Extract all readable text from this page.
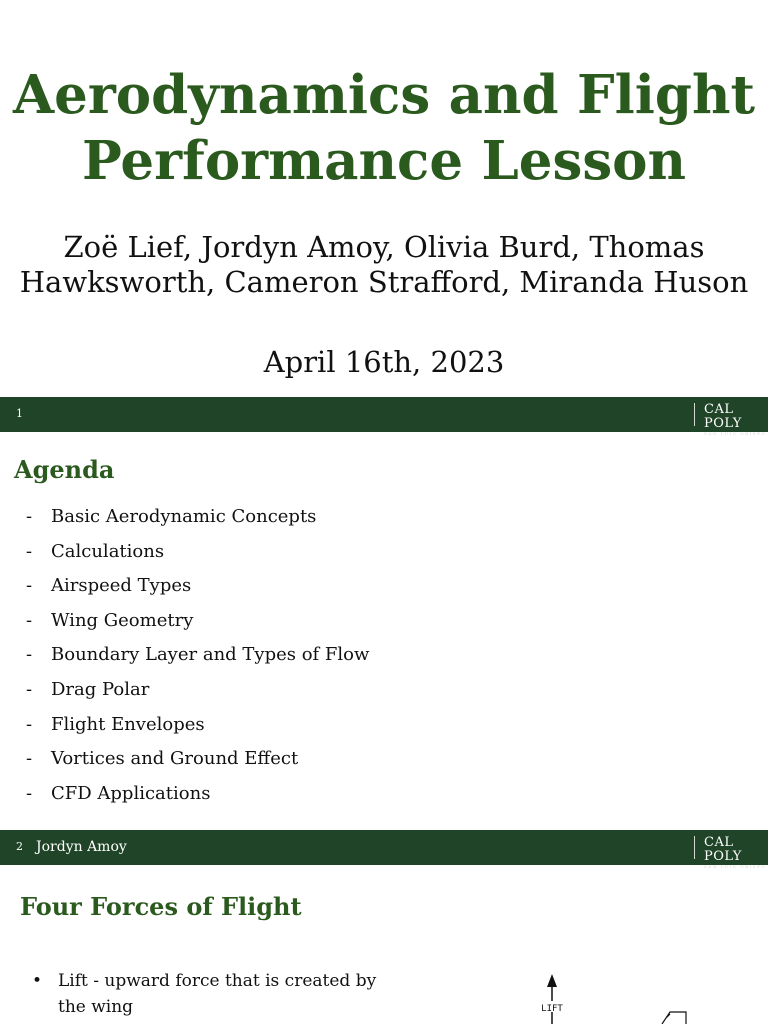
Aerodynamics and Flight
Performance Lesson
Zoë Lief, Jordyn Amoy, Olivia Burd, Thomas
Hawksworth, Cameron Strafford, Miranda Huson
April 16th, 2023
1	CAL POLY
SAN LUIS OBISPO
Agenda
- Basic Aerodynamic Concepts
- Calculations
- Airspeed Types
- Wing Geometry
- Boundary Layer and Types of Flow
- Drag Polar
- Flight Envelopes
- Vortices and Ground Effect
- CFD Applications
2 Jordyn Amoy	CAL POLY
SAN LUIS OBISPO
Four Forces of Flight
• Lift - upward force that is created by the wing	LIFT
